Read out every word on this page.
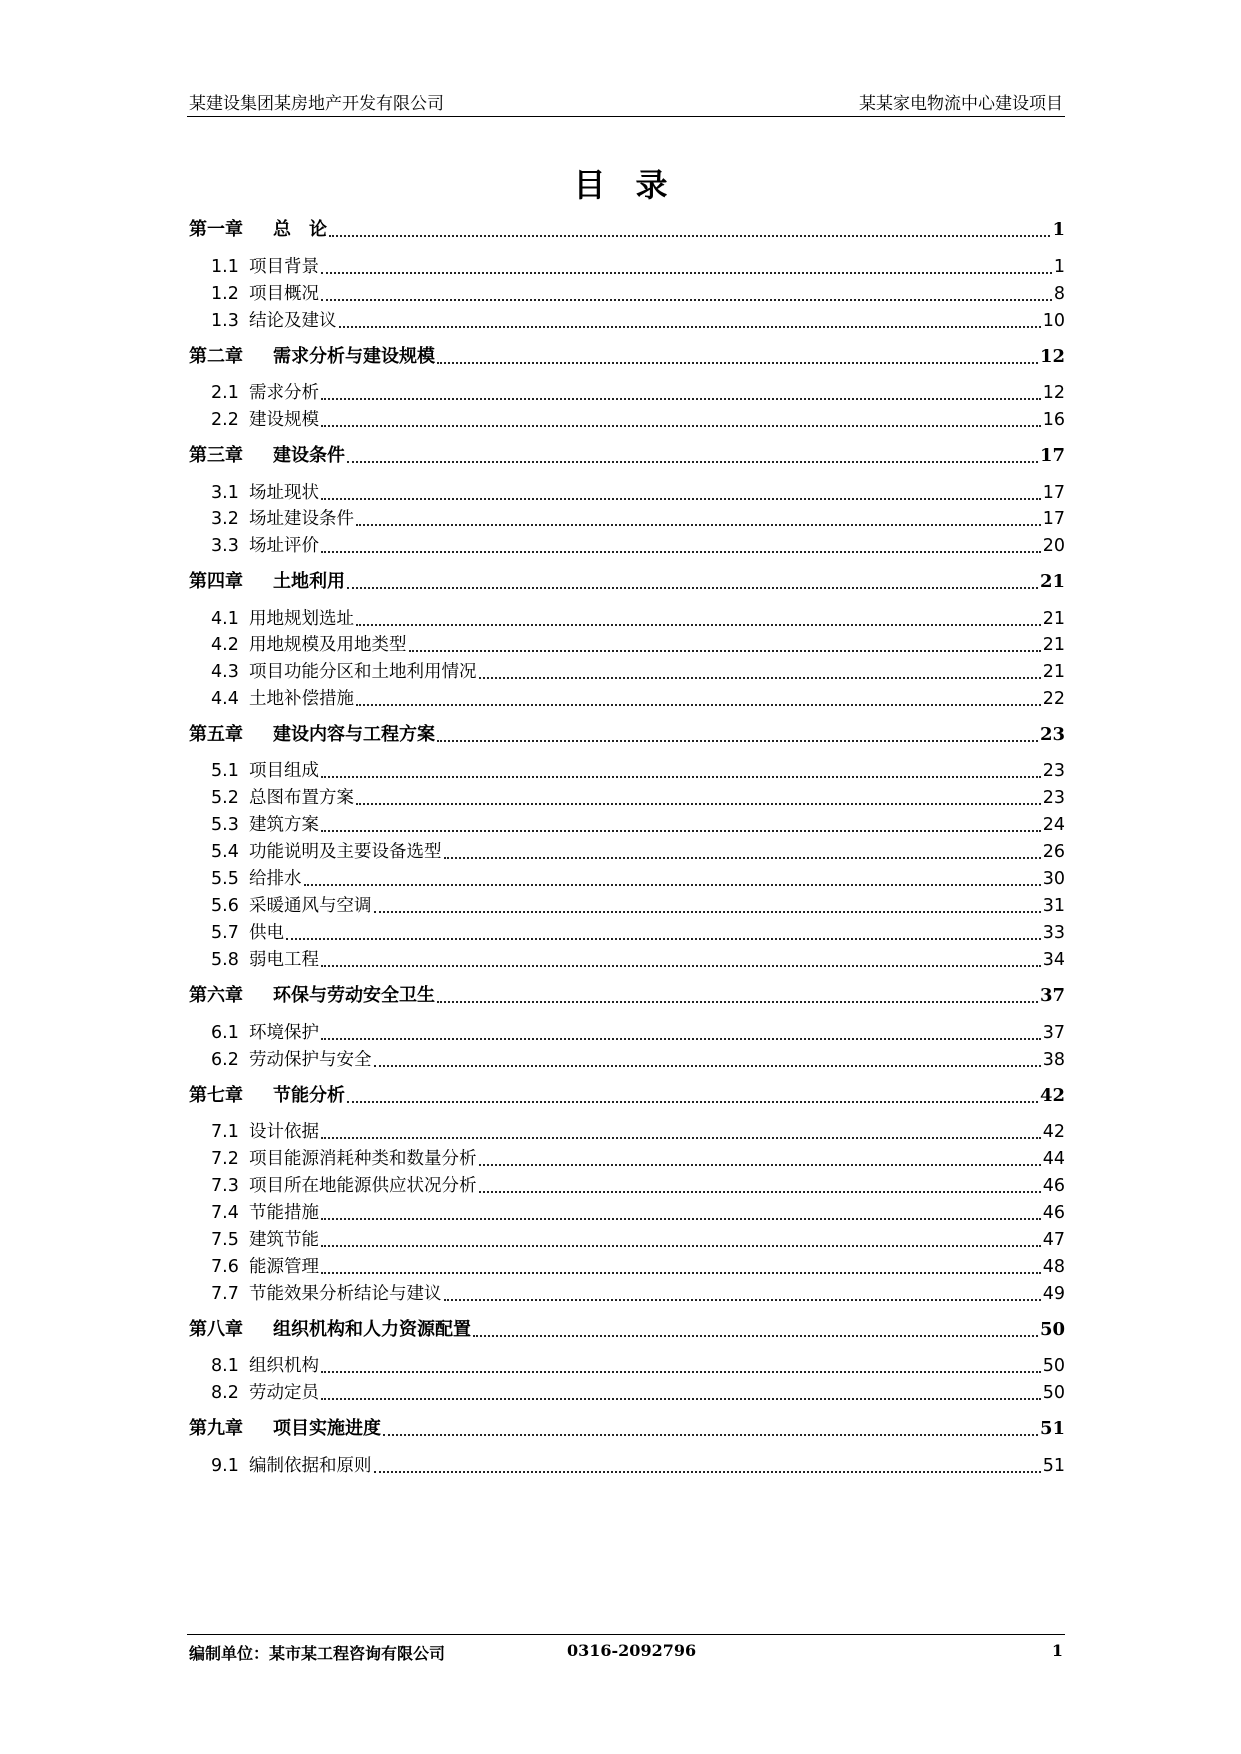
某建设集团某房地产开发有限公司	某某家电物流中心建设项目
目录
第一章	总　论	1
1.1 项目背景	1
1.2 项目概况	8
1.3 结论及建议	10
第二章	需求分析与建设规模	12
2.1 需求分析	12
2.2 建设规模	16
第三章	建设条件	17
3.1 场址现状	17
3.2 场址建设条件	17
3.3 场址评价	20
第四章	土地利用	21
4.1 用地规划选址	21
4.2 用地规模及用地类型	21
4.3 项目功能分区和土地利用情况	21
4.4 土地补偿措施	22
第五章	建设内容与工程方案	23
5.1 项目组成	23
5.2 总图布置方案	23
5.3 建筑方案	24
5.4 功能说明及主要设备选型	26
5.5 给排水	30
5.6 采暖通风与空调	31
5.7 供电	33
5.8 弱电工程	34
第六章	环保与劳动安全卫生	37
6.1 环境保护	37
6.2 劳动保护与安全	38
第七章	节能分析	42
7.1 设计依据	42
7.2 项目能源消耗种类和数量分析	44
7.3 项目所在地能源供应状况分析	46
7.4 节能措施	46
7.5 建筑节能	47
7.6 能源管理	48
7.7 节能效果分析结论与建议	49
第八章	组织机构和人力资源配置	50
8.1 组织机构	50
8.2 劳动定员	50
第九章	项目实施进度	51
9.1 编制依据和原则	51
编制单位：某市某工程咨询有限公司	0316-2092796	1
